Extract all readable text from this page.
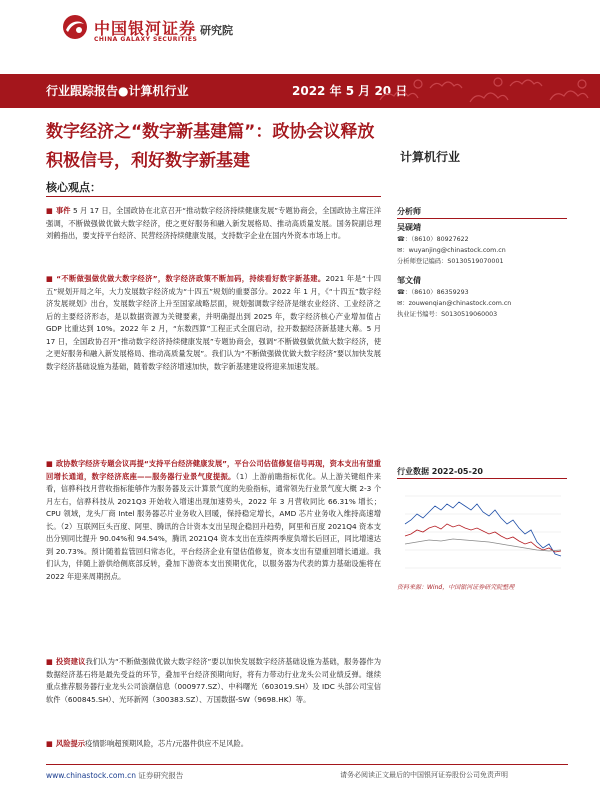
中国银河证券
CHINA GALAXY SECURITIES
研究院
行业跟踪报告●计算机行业	2022 年 5 月 20 日
数字经济之“数字新基建篇”：政协会议释放积极信号，利好数字新基建	计算机行业
核心观点：
■ 事件 5 月 17 日，全国政协在北京召开“推动数字经济持续健康发展”专题协商会，全国政协主席汪洋强调，不断做强做优做大数字经济，使之更好服务和融入新发展格局、推动高质量发展。国务院副总理刘鹤指出，要支持平台经济、民营经济持续健康发展，支持数字企业在国内外资本市场上市。
■ “不断做强做优做大数字经济”，数字经济政策不断加码，持续看好数字新基建。2021 年是“十四五”规划开局之年，大力发展数字经济成为“十四五”规划的重要部分。2022 年 1 月，《“十四五”数字经济发展规划》出台，发展数字经济上升至国家战略层面，规划强调数字经济是继农业经济、工业经济之后的主要经济形态，是以数据资源为关键要素，并明确提出到 2025 年，数字经济核心产业增加值占 GDP 比重达到 10%。2022 年 2 月，“东数西算”工程正式全面启动，拉开数据经济新基建大幕。5 月 17 日，全国政协召开“推动数字经济持续健康发展”专题协商会，强调“不断做强做优做大数字经济，使之更好服务和融入新发展格局、推动高质量发展”。我们认为“不断做强做优做大数字经济”要以加快发展数字经济基础设施为基础，随着数字经济增速加快，数字新基建建设将迎来加速发展。
■ 政协数字经济专题会议再提“支持平台经济健康发展”，平台公司估值修复信号再现，资本支出有望重回增长通道，数字经济底座——服务器行业景气度提振。（1）上游前瞻指标优化。从上游关键组件来看，信骅科技月营收指标能够作为服务器及云计算景气度的先验指标，通常领先行业景气度大概 2-3 个月左右，信骅科技从 2021Q3 开始收入增速出现加速势头，2022 年 3 月营收同比 66.31% 增长；CPU 领域，龙头厂商 Intel 服务器芯片业务收入回暖，保持稳定增长，AMD 芯片业务收入维持高速增长。（2）互联网巨头百度、阿里、腾讯的合计资本支出呈现企稳回升趋势，阿里和百度 2021Q4 资本支出分别同比提升 90.04%和 94.54%，腾讯 2021Q4 资本支出在连续两季度负增长后回正，同比增速达到 20.73%。预计随着监管回归常态化，平台经济企业有望估值修复，资本支出有望重回增长通道。我们认为，伴随上游供给侧底部反转，叠加下游资本支出预期优化，以服务器为代表的算力基础设施将在 2022 年迎来周期拐点。
■ 投资建议我们认为“不断做强做优做大数字经济”要以加快发展数字经济基础设施为基础，服务器作为数据经济基石将是最先受益的环节，叠加平台经济预期向好，将有力带动行业龙头公司业绩反弹。继续重点推荐服务器行业龙头公司浪潮信息（000977.SZ）、中科曙光（603019.SH）及 IDC 头部公司宝信软件（600845.SH）、光环新网（300383.SZ）、万国数据-SW（9698.HK）等。
■ 风险提示疫情影响超预期风险，芯片/元器件供应不足风险。
分析师
吴砚靖
☎：（8610）80927622
✉：wuyanjing@chinastock.com.cn
分析师登记编码：S0130519070001
邹文倩
☎：（8610）86359293
✉：zouwenqian@chinastock.com.cn
执业证书编号：S0130519060003
行业数据 2022-05-20
资料来源：Wind，中国银河证券研究院整理
www.chinastock.com.cn 证券研究报告	请务必阅读正文最后的中国银河证券股份公司免责声明
